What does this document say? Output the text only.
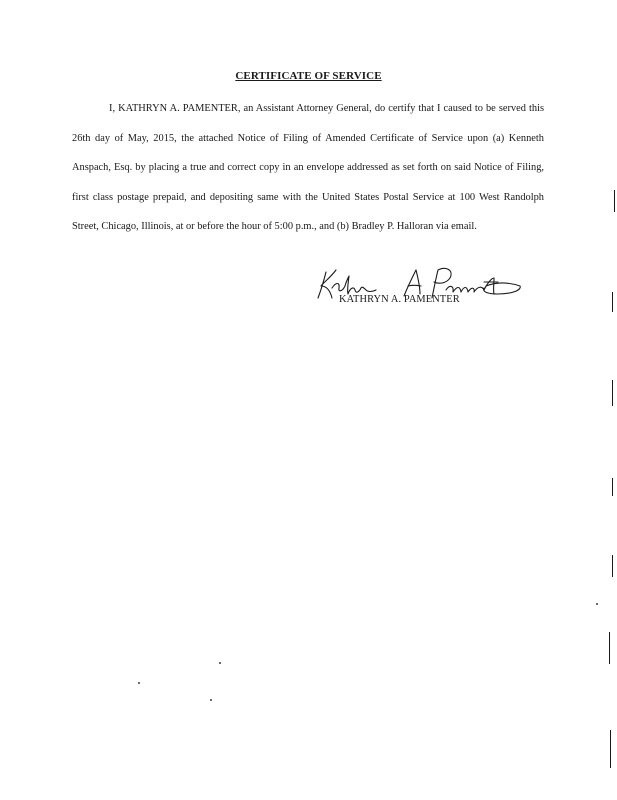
CERTIFICATE OF SERVICE

I, KATHRYN A. PAMENTER, an Assistant Attorney General, do certify that I caused to be served this 26th day of May, 2015, the attached Notice of Filing of Amended Certificate of Service upon (a) Kenneth Anspach, Esq. by placing a true and correct copy in an envelope addressed as set forth on said Notice of Filing, first class postage prepaid, and depositing same with the United States Postal Service at 100 West Randolph Street, Chicago, Illinois, at or before the hour of 5:00 p.m., and (b) Bradley P. Halloran via email.

KATHRYN A. PAMENTER
